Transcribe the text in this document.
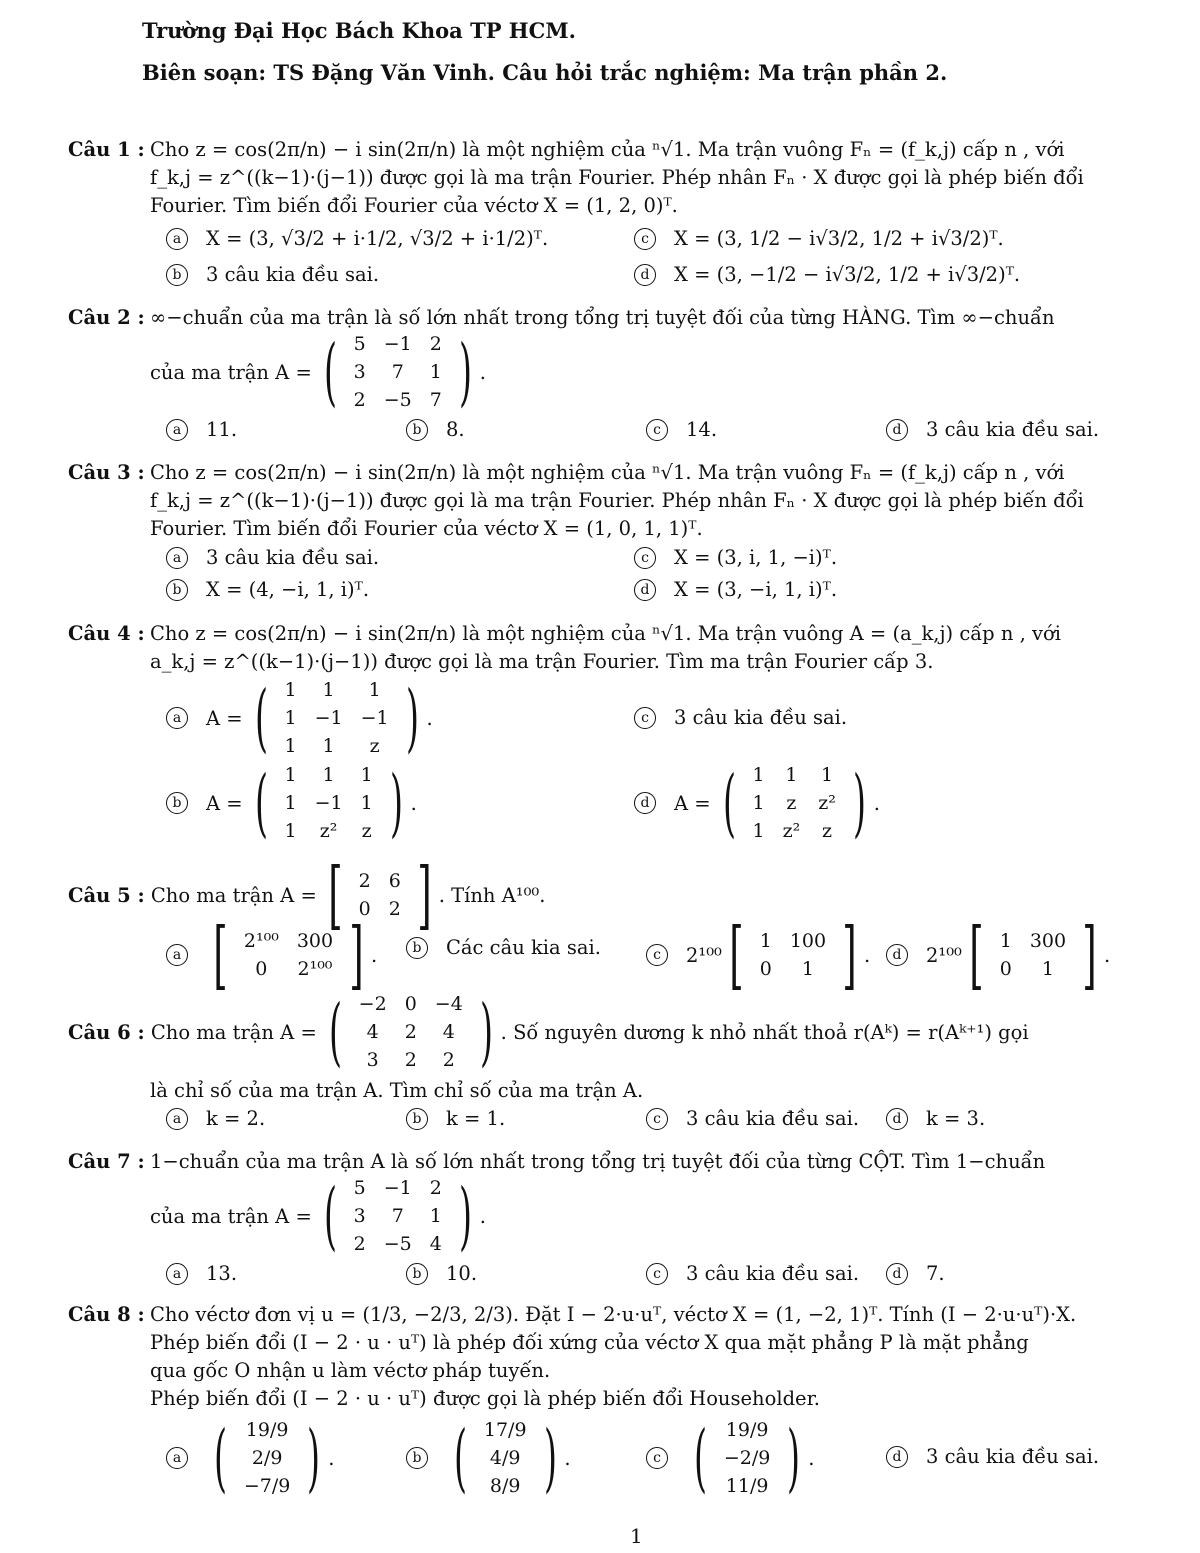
Trường Đại Học Bách Khoa TP HCM.
Biên soạn: TS Đặng Văn Vinh. Câu hỏi trắc nghiệm: Ma trận phần 2.
Câu 1 : Cho z = cos(2π/n) − i sin(2π/n) là một nghiệm của ⁿ√1. Ma trận vuông Fₙ = (f_k,j) cấp n , với
f_k,j = z^((k−1)·(j−1)) được gọi là ma trận Fourier. Phép nhân Fₙ · X được gọi là phép biến đổi
Fourier. Tìm biến đổi Fourier của véctơ X = (1, 2, 0)ᵀ.
a	X = (3, √3/2 + i·1/2, √3/2 + i·1/2)ᵀ.	c	X = (3, 1/2 − i√3/2, 1/2 + i√3/2)ᵀ.
b	3 câu kia đều sai.	d	X = (3, −1/2 − i√3/2, 1/2 + i√3/2)ᵀ.
Câu 2 : ∞−chuẩn của ma trận là số lớn nhất trong tổng trị tuyệt đối của từng HÀNG. Tìm ∞−chuẩn
của ma trận A = ( 5	−1	2
3	7	1
2	−5	7 ) .
a	11.	b	8.	c	14.	d	3 câu kia đều sai.
Câu 3 : Cho z = cos(2π/n) − i sin(2π/n) là một nghiệm của ⁿ√1. Ma trận vuông Fₙ = (f_k,j) cấp n , với
f_k,j = z^((k−1)·(j−1)) được gọi là ma trận Fourier. Phép nhân Fₙ · X được gọi là phép biến đổi
Fourier. Tìm biến đổi Fourier của véctơ X = (1, 0, 1, 1)ᵀ.
a	3 câu kia đều sai.	c	X = (3, i, 1, −i)ᵀ.
b	X = (4, −i, 1, i)ᵀ.	d	X = (3, −i, 1, i)ᵀ.
Câu 4 : Cho z = cos(2π/n) − i sin(2π/n) là một nghiệm của ⁿ√1. Ma trận vuông A = (a_k,j) cấp n , với
a_k,j = z^((k−1)·(j−1)) được gọi là ma trận Fourier. Tìm ma trận Fourier cấp 3.
a	A = ( 1	1	1
1	−1	−1
1	1	z ) .	c	3 câu kia đều sai.
b	A = ( 1	1	1
1	−1	1
1	z²	z ) .	d	A = ( 1	1	1
1	z	z²
1	z²	z ) .
Câu 5 :
Cho ma trận A = [ 2	6
0	2 ] . Tính A¹⁰⁰.
a [ 2¹⁰⁰	300
0	2¹⁰⁰ ] .	b	Các câu kia sai.	c	2¹⁰⁰ [ 1	100
0	1 ] .	d	2¹⁰⁰ [ 1	300
0	1 ] .
Câu 6 :
Cho ma trận A = ( −2	0	−4
4	2	4
3	2	2 ) . Số nguyên dương k nhỏ nhất thoả r(Aᵏ) = r(Aᵏ⁺¹) gọi
là chỉ số của ma trận A. Tìm chỉ số của ma trận A.
a	k = 2.	b	k = 1.	c	3 câu kia đều sai.	d	k = 3.
Câu 7 : 1−chuẩn của ma trận A là số lớn nhất trong tổng trị tuyệt đối của từng CỘT. Tìm 1−chuẩn
của ma trận A = ( 5	−1	2
3	7	1
2	−5	4 ) .
a	13.	b	10.	c	3 câu kia đều sai.	d	7.
Câu 8 : Cho véctơ đơn vị u = (1/3, −2/3, 2/3). Đặt I − 2·u·uᵀ, véctơ X = (1, −2, 1)ᵀ. Tính (I − 2·u·uᵀ)·X.
Phép biến đổi (I − 2 · u · uᵀ) là phép đối xứng của véctơ X qua mặt phẳng P là mặt phẳng
qua gốc O nhận u làm véctơ pháp tuyến.
Phép biến đổi (I − 2 · u · uᵀ) được gọi là phép biến đổi Householder.
a ( 19/9
2/9
−7/9 ) .	b ( 17/9
4/9
8/9 ) .	c ( 19/9
−2/9
11/9 ) .	d	3 câu kia đều sai.
1
